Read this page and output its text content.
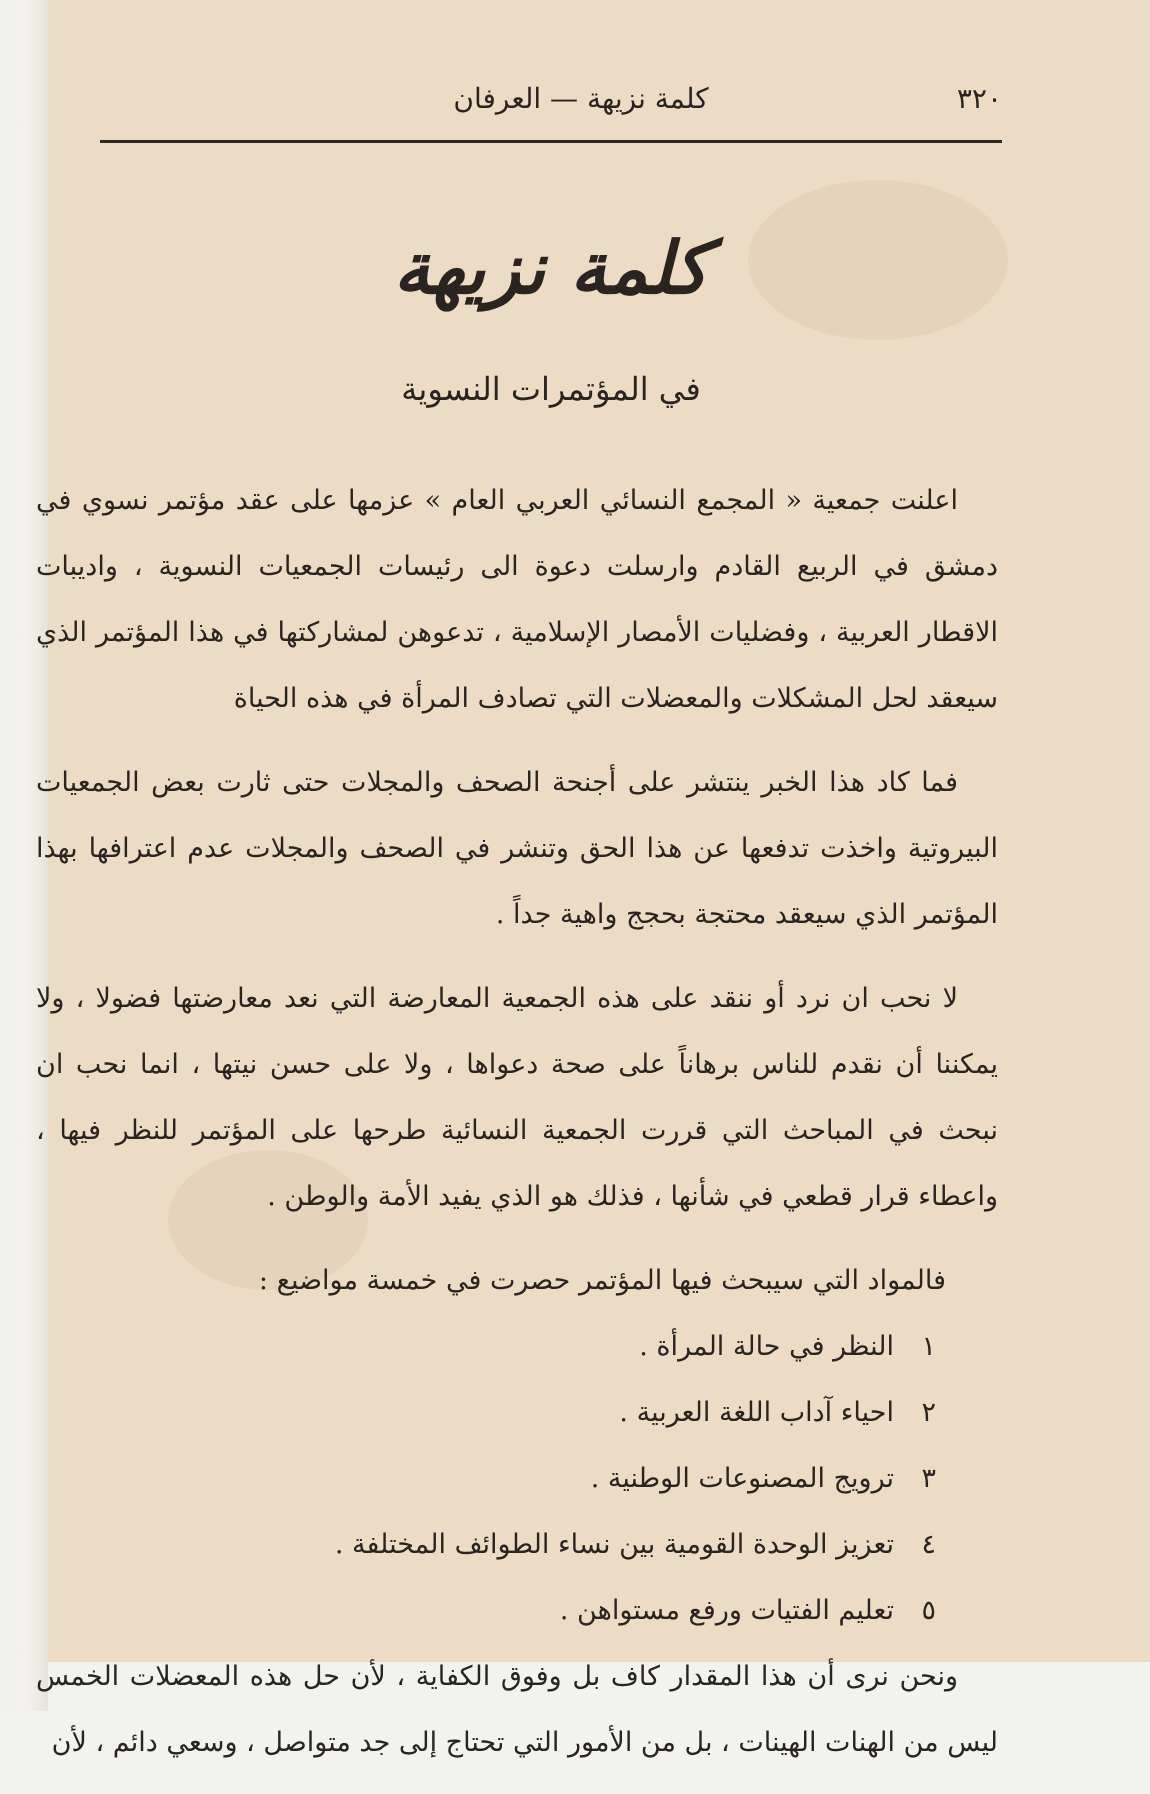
٣٢٠
كلمة نزيهة — العرفان
كلمة نزيهة
في المؤتمرات النسوية

اعلنت جمعية « المجمع النسائي العربي العام » عزمها على عقد مؤتمر نسوي في دمشق في الربيع القادم وارسلت دعوة الى رئيسات الجمعيات النسوية ، واديبات الاقطار العربية ، وفضليات الأمصار الإسلامية ، تدعوهن لمشاركتها في هذا المؤتمر الذي سيعقد لحل المشكلات والمعضلات التي تصادف المرأة في هذه الحياة

فما كاد هذا الخبر ينتشر على أجنحة الصحف والمجلات حتى ثارت بعض الجمعيات البيروتية واخذت تدفعها عن هذا الحق وتنشر في الصحف والمجلات عدم اعترافها بهذا المؤتمر الذي سيعقد محتجة بحجج واهية جداً .

لا نحب ان نرد أو ننقد على هذه الجمعية المعارضة التي نعد معارضتها فضولا ، ولا يمكننا أن نقدم للناس برهاناً على صحة دعواها ، ولا على حسن نيتها ، انما نحب ان نبحث في المباحث التي قررت الجمعية النسائية طرحها على المؤتمر للنظر فيها ، واعطاء قرار قطعي في شأنها ، فذلك هو الذي يفيد الأمة والوطن .

فالمواد التي سيبحث فيها المؤتمر حصرت في خمسة مواضيع :
١
النظر في حالة المرأة .
٢
احياء آداب اللغة العربية .
٣
ترويج المصنوعات الوطنية .
٤
تعزيز الوحدة القومية بين نساء الطوائف المختلفة .
٥
تعليم الفتيات ورفع مستواهن .

ونحن نرى أن هذا المقدار كاف بل وفوق الكفاية ، لأن حل هذه المعضلات الخمس ليس من الهنات الهينات ، بل من الأمور التي تحتاج إلى جد متواصل ، وسعي دائم ، لأن
